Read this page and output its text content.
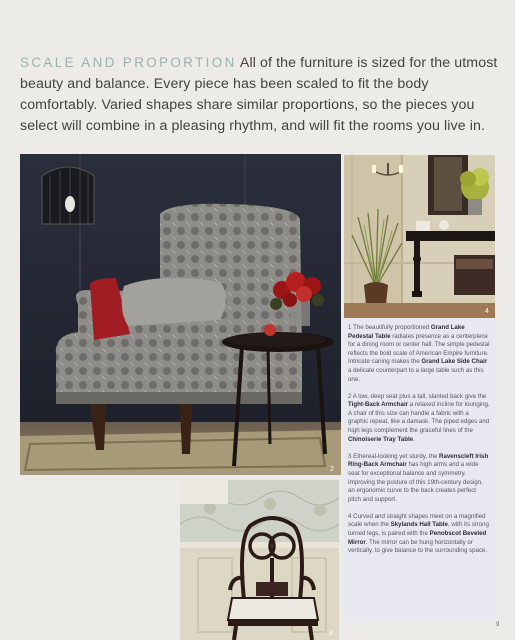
SCALE AND PROPORTION All of the furniture is sized for the utmost beauty and balance. Every piece has been scaled to fit the body comfortably. Varied shapes share similar proportions, so the pieces you select will combine in a pleasing rhythm, and will fit the rooms you live in.
2
4
3

1 The beautifully proportioned Grand Lake Pedestal Table radiates presence as a centerpiece for a dining room or center hall. The simple pedestal reflects the bold scale of American Empire furniture. Intricate caning makes the Grand Lake Side Chair a delicate counterpart to a large table such as this one.

2 A low, deep seat plus a tall, slanted back give the Tight-Back Armchair a relaxed incline for lounging. A chair of this size can handle a fabric with a graphic repeat, like a damask. The piped edges and high legs complement the graceful lines of the Chinoiserie Tray Table.

3 Ethereal-looking yet sturdy, the Ravenscleft Irish Ring-Back Armchair has high arms and a wide seat for exceptional balance and symmetry. Improving the posture of this 19th-century design, an ergonomic curve to the back creates perfect pitch and support.

4 Curved and straight shapes meet on a magnified scale when the Skylands Hall Table, with its strong turned legs, is paired with the Penobscot Beveled Mirror. The mirror can be hung horizontally or vertically, to give balance to the surrounding space.

9
